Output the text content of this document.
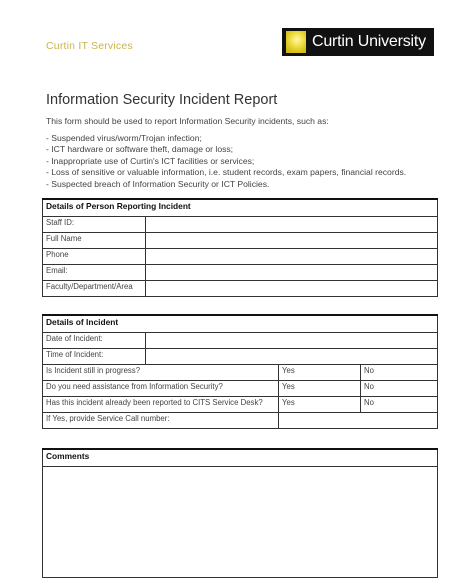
Curtin IT Services	Curtin University
Information Security Incident Report
This form should be used to report Information Security incidents, such as:
- Suspended virus/worm/Trojan infection;
- ICT hardware or software theft, damage or loss;
- Inappropriate use of Curtin's ICT facilities or services;
- Loss of sensitive or valuable information, i.e. student records, exam papers, financial records.
- Suspected breach of Information Security or ICT Policies.
Details of Person Reporting Incident	
Staff ID:	
Full Name	
Phone	
Email:	
Faculty/Department/Area	
Details of Incident			
Date of Incident:			
Time of Incident:			
Is Incident still in progress?		Yes	No
Do you need assistance from Information Security?		Yes	No
Has this incident already been reported to CITS Service Desk?		Yes	No
If Yes, provide Service Call number:			
Comments
